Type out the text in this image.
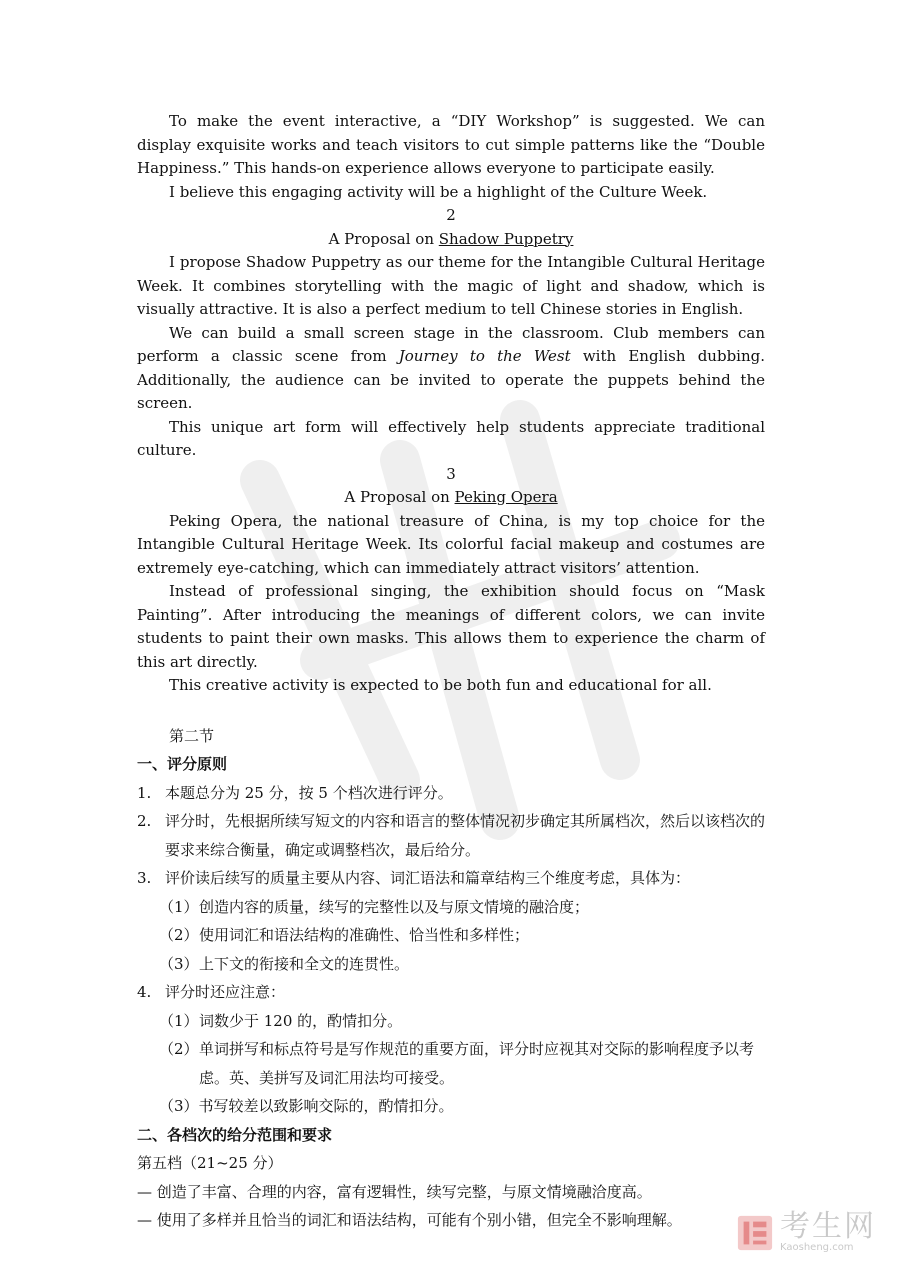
To make the event interactive, a “DIY Workshop” is suggested. We can display exquisite works and teach visitors to cut simple patterns like the “Double Happiness.” This hands-on experience allows everyone to participate easily.

I believe this engaging activity will be a highlight of the Culture Week.

2

A Proposal on Shadow Puppetry

I propose Shadow Puppetry as our theme for the Intangible Cultural Heritage Week. It combines storytelling with the magic of light and shadow, which is visually attractive. It is also a perfect medium to tell Chinese stories in English.

We can build a small screen stage in the classroom. Club members can perform a classic scene from Journey to the West with English dubbing. Additionally, the audience can be invited to operate the puppets behind the screen.

This unique art form will effectively help students appreciate traditional culture.

3

A Proposal on Peking Opera

Peking Opera, the national treasure of China, is my top choice for the Intangible Cultural Heritage Week. Its colorful facial makeup and costumes are extremely eye-catching, which can immediately attract visitors’ attention.

Instead of professional singing, the exhibition should focus on “Mask Painting”. After introducing the meanings of different colors, we can invite students to paint their own masks. This allows them to experience the charm of this art directly.

This creative activity is expected to be both fun and educational for all.

第二节

一、评分原则

1. 本题总分为 25 分，按 5 个档次进行评分。
2. 评分时，先根据所续写短文的内容和语言的整体情况初步确定其所属档次，然后以该档次的要求来综合衡量，确定或调整档次，最后给分。
3. 评价读后续写的质量主要从内容、词汇语法和篇章结构三个维度考虑，具体为：
（1） 创造内容的质量，续写的完整性以及与原文情境的融洽度；
（2） 使用词汇和语法结构的准确性、恰当性和多样性；
（3） 上下文的衔接和全文的连贯性。
4. 评分时还应注意：
（1） 词数少于 120 的，酌情扣分。
（2） 单词拼写和标点符号是写作规范的重要方面，评分时应视其对交际的影响程度予以考虑。英、美拼写及词汇用法均可接受。

（3）书写较差以致影响交际的，酌情扣分。

二、各档次的给分范围和要求

第五档（21~25 分）

— 创造了丰富、合理的内容，富有逻辑性，续写完整，与原文情境融洽度高。

— 使用了多样并且恰当的词汇和语法结构，可能有个别小错，但完全不影响理解。	考生网
Kaosheng.com
